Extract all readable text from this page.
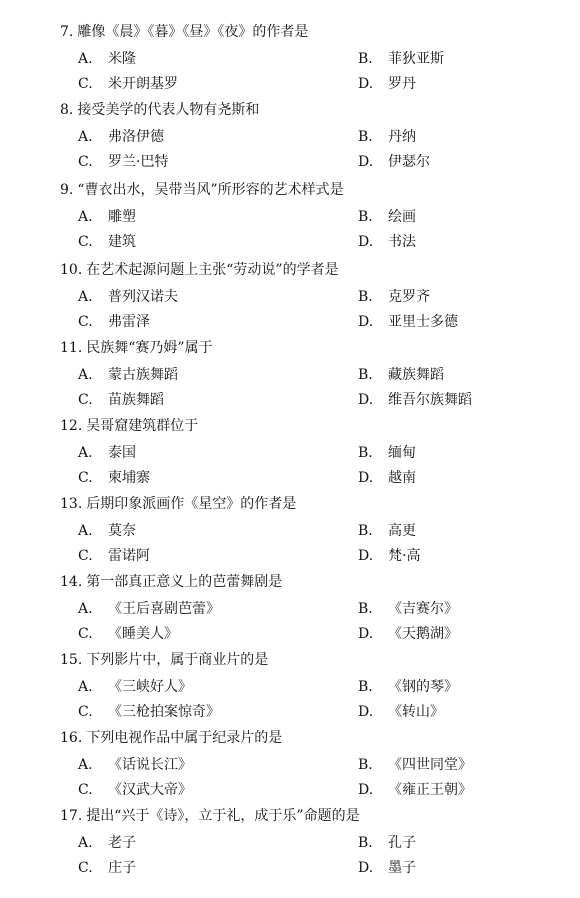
7. 雕像《晨》《暮》《昼》《夜》的作者是
A. 米隆	B. 菲狄亚斯
C. 米开朗基罗	D. 罗丹
8. 接受美学的代表人物有尧斯和
A. 弗洛伊德	B. 丹纳
C. 罗兰·巴特	D. 伊瑟尔
9. “曹衣出水，吴带当风”所形容的艺术样式是
A. 雕塑	B. 绘画
C. 建筑	D. 书法
10. 在艺术起源问题上主张“劳动说”的学者是
A. 普列汉诺夫	B. 克罗齐
C. 弗雷泽	D. 亚里士多德
11. 民族舞“赛乃姆”属于
A. 蒙古族舞蹈	B. 藏族舞蹈
C. 苗族舞蹈	D. 维吾尔族舞蹈
12. 吴哥窟建筑群位于
A. 泰国	B. 缅甸
C. 柬埔寨	D. 越南
13. 后期印象派画作《星空》的作者是
A. 莫奈	B. 高更
C. 雷诺阿	D. 梵·高
14. 第一部真正意义上的芭蕾舞剧是
A. 《王后喜剧芭蕾》	B. 《吉赛尔》
C. 《睡美人》	D. 《天鹅湖》
15. 下列影片中，属于商业片的是
A. 《三峡好人》	B. 《钢的琴》
C. 《三枪拍案惊奇》	D. 《转山》
16. 下列电视作品中属于纪录片的是
A. 《话说长江》	B. 《四世同堂》
C. 《汉武大帝》	D. 《雍正王朝》
17. 提出“兴于《诗》，立于礼，成于乐”命题的是
A. 老子	B. 孔子
C. 庄子	D. 墨子
